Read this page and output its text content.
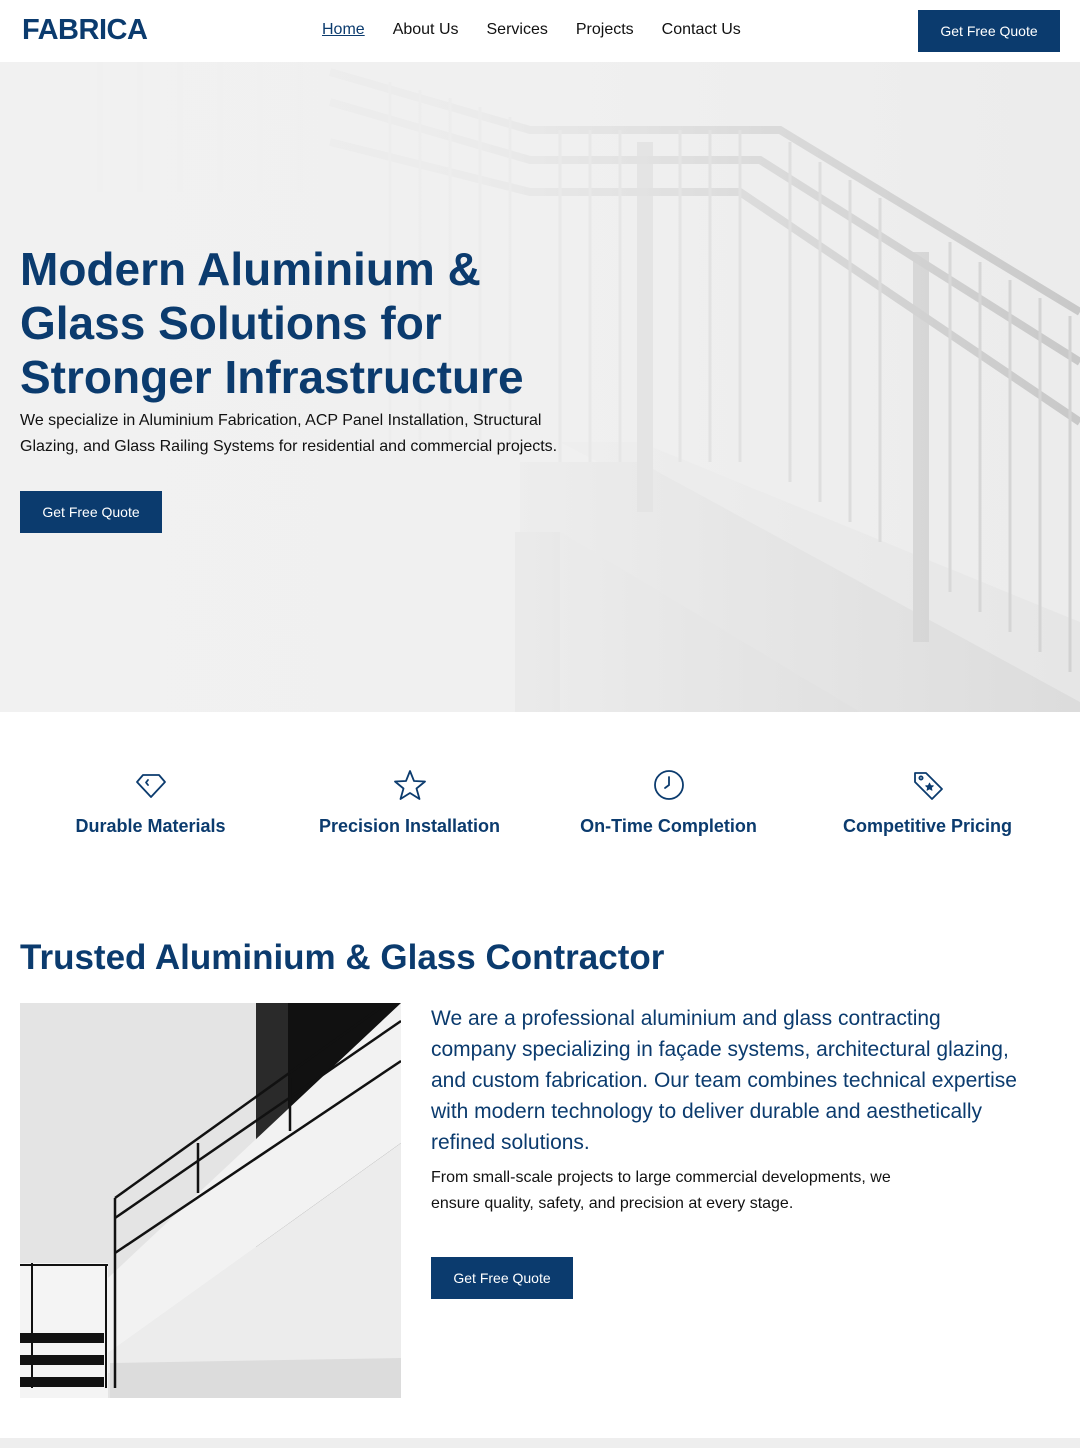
FABRICA	Home About Us Services Projects Contact Us	Get Free Quote
Modern Aluminium & Glass Solutions for Stronger Infrastructure

We specialize in Aluminium Fabrication, ACP Panel Installation, Structural Glazing, and Glass Railing Systems for residential and commercial projects.

Get Free Quote
Durable Materials	Precision Installation	On-Time Completion	Competitive Pricing
Trusted Aluminium & Glass Contractor

We are a professional aluminium and glass contracting company specializing in façade systems, architectural glazing, and custom fabrication. Our team combines technical expertise with modern technology to deliver durable and aesthetically refined solutions.

From small-scale projects to large commercial developments, we ensure quality, safety, and precision at every stage.

Get Free Quote
